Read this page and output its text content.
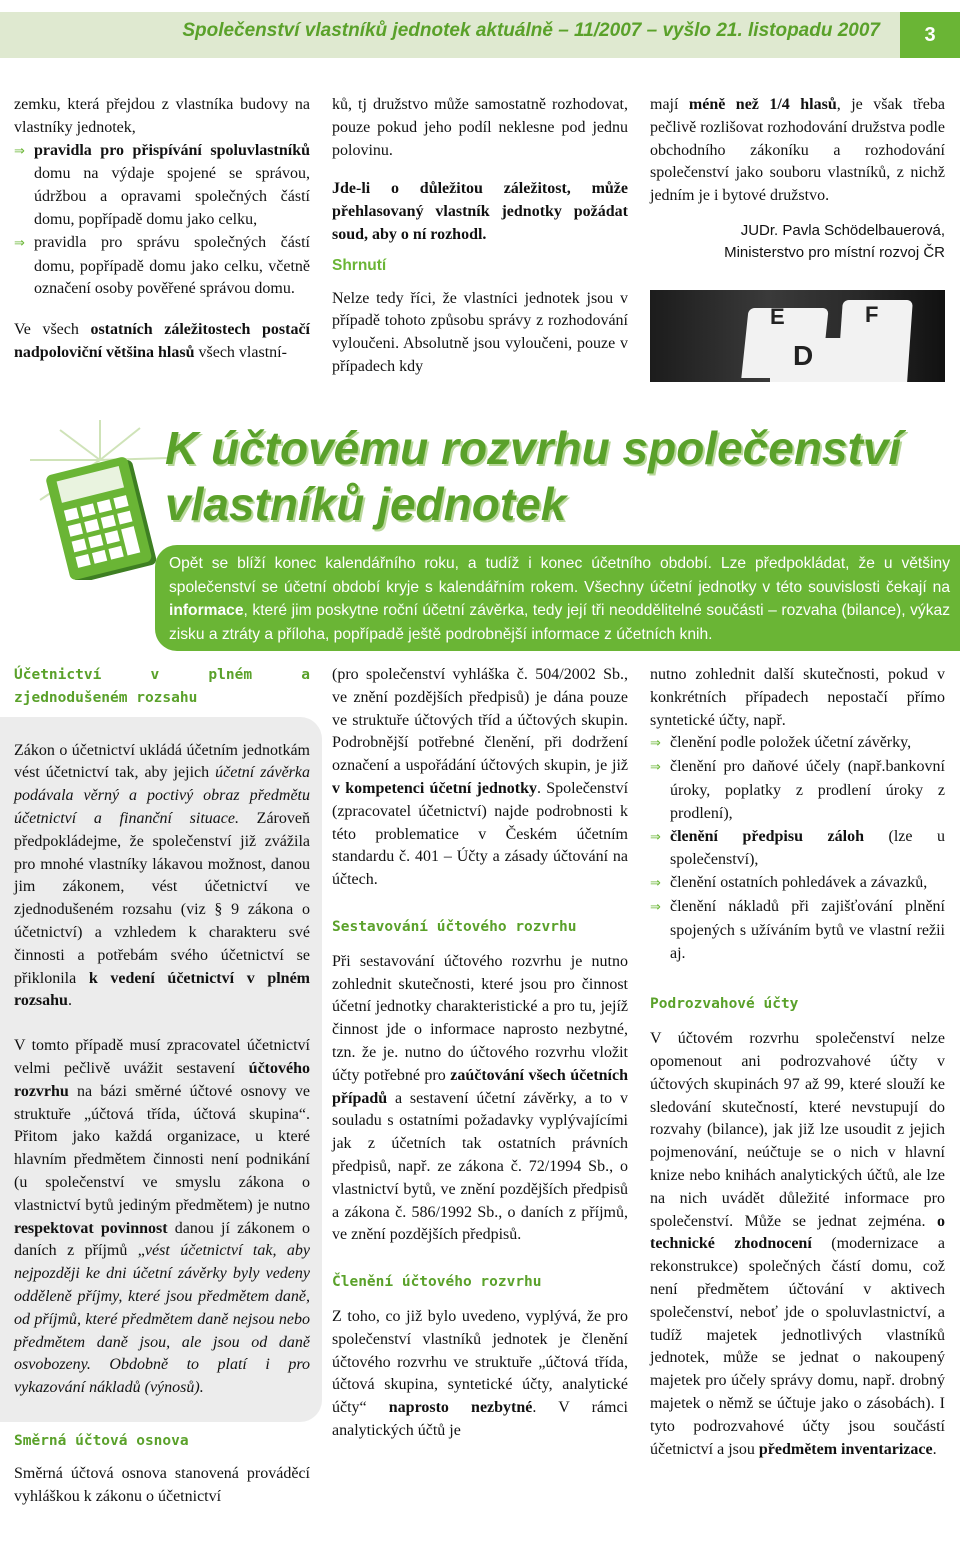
Společenství vlastníků jednotek aktuálně – 11/2007 – vyšlo 21. listopadu 2007	3

zemku, která přejdou z vlastníka budovy na vlastníky jednotek,

⇒ pravidla pro přispívání spoluvlastníků domu na výdaje spojené se správou, údržbou a opravami společných částí domu, popřípadě domu jako celku,

⇒ pravidla pro správu společných částí domu, popřípadě domu jako celku, včetně označení osoby pověřené správou domu.

Ve všech ostatních záležitostech postačí nadpoloviční většina hlasů všech vlastní-

ků, tj družstvo může samostatně rozhodovat, pouze pokud jeho podíl neklesne pod jednu polovinu.

Jde-li o důležitou záležitost, může přehlasovaný vlastník jednotky požádat soud, aby o ní rozhodl.

Shrnutí

Nelze tedy říci, že vlastníci jednotek jsou v případě tohoto způsobu správy z rozhodování vyloučeni. Absolutně jsou vyloučeni, pouze v případech kdy

mají méně než 1/4 hlasů, je však třeba pečlivě rozlišovat rozhodování družstva podle obchodního zákoníku a rozhodování společenství jako souboru vlastníků, z nichž jedním je i bytové družstvo.

JUDr. Pavla Schödelbauerová,

Ministerstvo pro místní rozvoj ČR

E	F
D
K účtovému rozvrhu společenství
vlastníků jednotek
Opět se blíží konec kalendářního roku, a tudíž i konec účetního období. Lze předpokládat, že u většiny společenství se účetní období kryje s kalendářním rokem. Všechny účetní jednotky v této souvislosti čekají na informace, které jim poskytne roční účetní závěrka, tedy její tři neoddělitelné součásti – rozvaha (bilance), výkaz zisku a ztráty a příloha, popřípadě ještě podrobnější informace z účetních knih.

Účetnictví v plném a zjednodušeném rozsahu

Zákon o účetnictví ukládá účetním jednotkám vést účetnictví tak, aby jejich účetní závěrka podávala věrný a poctivý obraz předmětu účetnictví a finanční situace. Zároveň předpokládejme, že společenství již zvážila pro mnohé vlastníky lákavou možnost, danou jim zákonem, vést účetnictví ve zjednodušeném rozsahu (viz § 9 zákona o účetnictví) a vzhledem k charakteru své činnosti a potřebám svého účetnictví se přiklonila k vedení účetnictví v plném rozsahu.

V tomto případě musí zpracovatel účetnictví velmi pečlivě uvážit sestavení účtového rozvrhu na bázi směrné účtové osnovy ve struktuře „účtová třída, účtová skupina“. Přitom jako každá organizace, u které hlavním předmětem činnosti není podnikání (u společenství ve smyslu zákona o vlastnictví bytů jediným předmětem) je nutno respektovat povinnost danou jí zákonem o daních z příjmů „vést účetnictví tak, aby nejpozději ke dni účetní závěrky byly vedeny odděleně příjmy, které jsou předmětem daně, od příjmů, které předmětem daně nejsou nebo předmětem daně jsou, ale jsou od daně osvobozeny. Obdobně to platí i pro vykazování nákladů (výnosů).

Směrná účtová osnova

Směrná účtová osnova stanovená prováděcí vyhláškou k zákonu o účetnictví

(pro společenství vyhláška č. 504/2002 Sb., ve znění pozdějších předpisů) je dána pouze ve struktuře účtových tříd a účtových skupin. Podrobnější potřebné členění, při dodržení označení a uspořádání účtových skupin, je již v kompetenci účetní jednotky. Společenství (zpracovatel účetnictví) najde podrobnosti k této problematice v Českém účetním standardu č. 401 – Účty a zásady účtování na účtech.

Sestavování účtového rozvrhu

Při sestavování účtového rozvrhu je nutno zohlednit skutečnosti, které jsou pro činnost účetní jednotky charakteristické a pro tu, jejíž činnost jde o informace naprosto nezbytné, tzn. že je. nutno do účtového rozvrhu vložit účty potřebné pro zaúčtování všech účetních případů a sestavení účetní závěrky, a to v souladu s ostatními požadavky vyplývajícími jak z účetních tak ostatních právních předpisů, např. ze zákona č. 72/1994 Sb., o vlastnictví bytů, ve znění pozdějších předpisů a zákona č. 586/1992 Sb., o daních z příjmů, ve znění pozdějších předpisů.

Členění účtového rozvrhu

Z toho, co již bylo uvedeno, vyplývá, že pro společenství vlastníků jednotek je členění účtového rozvrhu ve struktuře „účtová třída, účtová skupina, syntetické účty, analytické účty“ naprosto nezbytné. V rámci analytických účtů je

nutno zohlednit další skutečnosti, pokud v konkrétních případech nepostačí přímo syntetické účty, např.

⇒ členění podle položek účetní závěrky,

⇒ členění pro daňové účely (např.bankovní úroky, poplatky z prodlení úroky z prodlení),

⇒ členění předpisu záloh (lze u společenství),

⇒ členění ostatních pohledávek a závazků,

⇒ členění nákladů při zajišťování plnění spojených s užíváním bytů ve vlastní režii aj.

Podrozvahové účty

V účtovém rozvrhu společenství nelze opomenout ani podrozvahové účty v účtových skupinách 97 až 99, které slouží ke sledování skutečností, které nevstupují do rozvahy (bilance), jak již lze usoudit z jejich pojmenování, neúčtuje se o nich v hlavní knize nebo knihách analytických účtů, ale lze na nich uvádět důležité informace pro společenství. Může se jednat zejména. o technické zhodnocení (modernizace a rekonstrukce) společných částí domu, což není předmětem účtování v aktivech společenství, neboť jde o spoluvlastnictví, a tudíž majetek jednotlivých vlastníků jednotek, může se jednat o nakoupený majetek pro účely správy domu, např. drobný majetek o němž se účtuje jako o zásobách). I tyto podrozvahové účty jsou součástí účetnictví a jsou předmětem inventarizace.
